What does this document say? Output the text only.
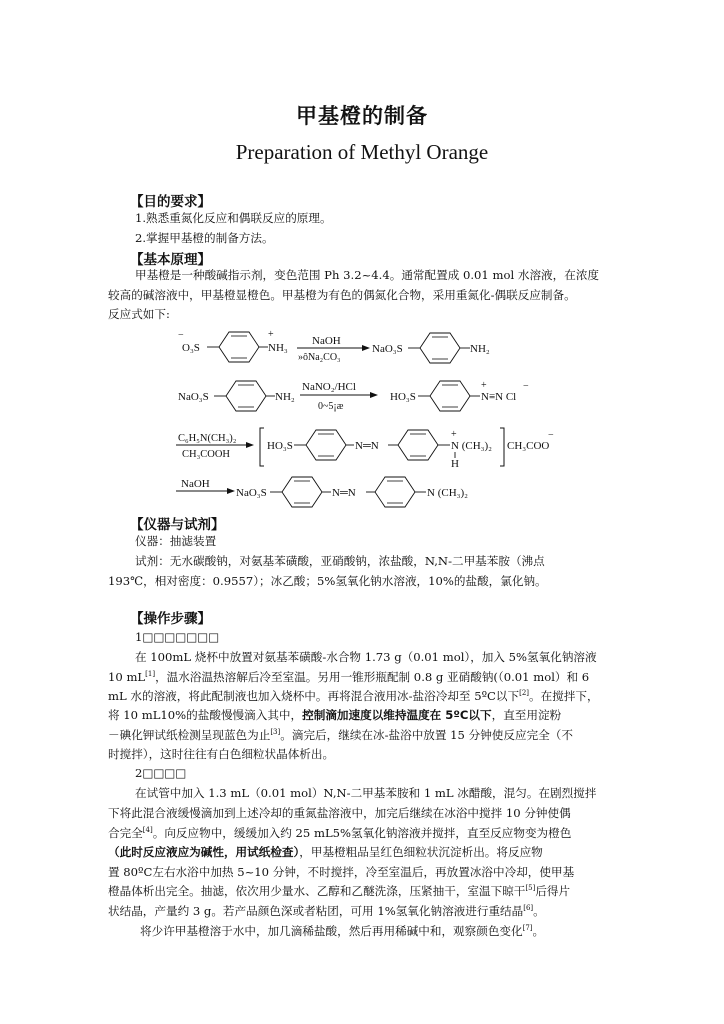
甲基橙的制备
Preparation of Methyl Orange
【目的要求】
1.熟悉重氮化反应和偶联反应的原理。
2.掌握甲基橙的制备方法。
【基本原理】
甲基橙是一种酸碱指示剂，变色范围 Ph 3.2~4.4。通常配置成 0.01 mol 水溶液，在浓度
较高的碱溶液中，甲基橙显橙色。甲基橙为有色的偶氮化合物，采用重氮化-偶联反应制备。
反应式如下:
−
O₃S
+
NH₃
NaOH
»ôNa₂CO₃
NaO₃S	NH₂
NaO₃S	NH₂
NaNO₂/HCl
0~5¡æ
HO₃S
+
N≡N Cl
−
C₆H₅N(CH₃)₂
CH₃COOH
HO₃S	N═N
+
N (CH₃)₂
H
CH₃COO
−
NaOH
NaO₃S	N═N	N (CH₃)₂
【仪器与试剂】
仪器：抽滤装置
试剂：无水碳酸钠，对氨基苯磺酸，亚硝酸钠，浓盐酸，N,N-二甲基苯胺（沸点
193℃，相对密度：0.9557）；冰乙酸；5%氢氧化钠水溶液，10%的盐酸，氯化钠。
【操作步骤】
1□□□□□□□
在 100mL 烧杯中放置对氨基苯磺酸-水合物 1.73 g（0.01 mol），加入 5%氢氧化钠溶液
10 mL[1]，温水浴温热溶解后冷至室温。另用一锥形瓶配制 0.8 g 亚硝酸钠(（0.01 mol）和 6
mL 水的溶液，将此配制液也加入烧杯中。再将混合液用冰-盐浴冷却至 5ºC以下[2]。在搅拌下，
将 10 mL10%的盐酸慢慢滴入其中，控制滴加速度以维持温度在 5ºC以下，直至用淀粉
－碘化钾试纸检测呈现蓝色为止[3]。滴完后，继续在冰-盐浴中放置 15 分钟使反应完全（不
时搅拌），这时往往有白色细粒状晶体析出。
2□□□□
在试管中加入 1.3 mL（0.01 mol）N,N-二甲基苯胺和 1 mL 冰醋酸，混匀。在剧烈搅拌
下将此混合液缓慢滴加到上述冷却的重氮盐溶液中，加完后继续在冰浴中搅拌 10 分钟使偶
合完全[4]。向反应物中，缓缓加入约 25 mL5%氢氧化钠溶液并搅拌，直至反应物变为橙色
（此时反应液应为碱性，用试纸检查），甲基橙粗品呈红色细粒状沉淀析出。将反应物
置 80ºC左右水浴中加热 5~10 分钟，不时搅拌，冷至室温后，再放置冰浴中冷却，使甲基
橙晶体析出完全。抽滤，依次用少量水、乙醇和乙醚洗涤，压紧抽干，室温下晾干[5]后得片
状结晶，产量约 3 g。若产品颜色深或者粘团，可用 1%氢氧化钠溶液进行重结晶[6]。
将少许甲基橙溶于水中，加几滴稀盐酸，然后再用稀碱中和，观察颜色变化[7]。
